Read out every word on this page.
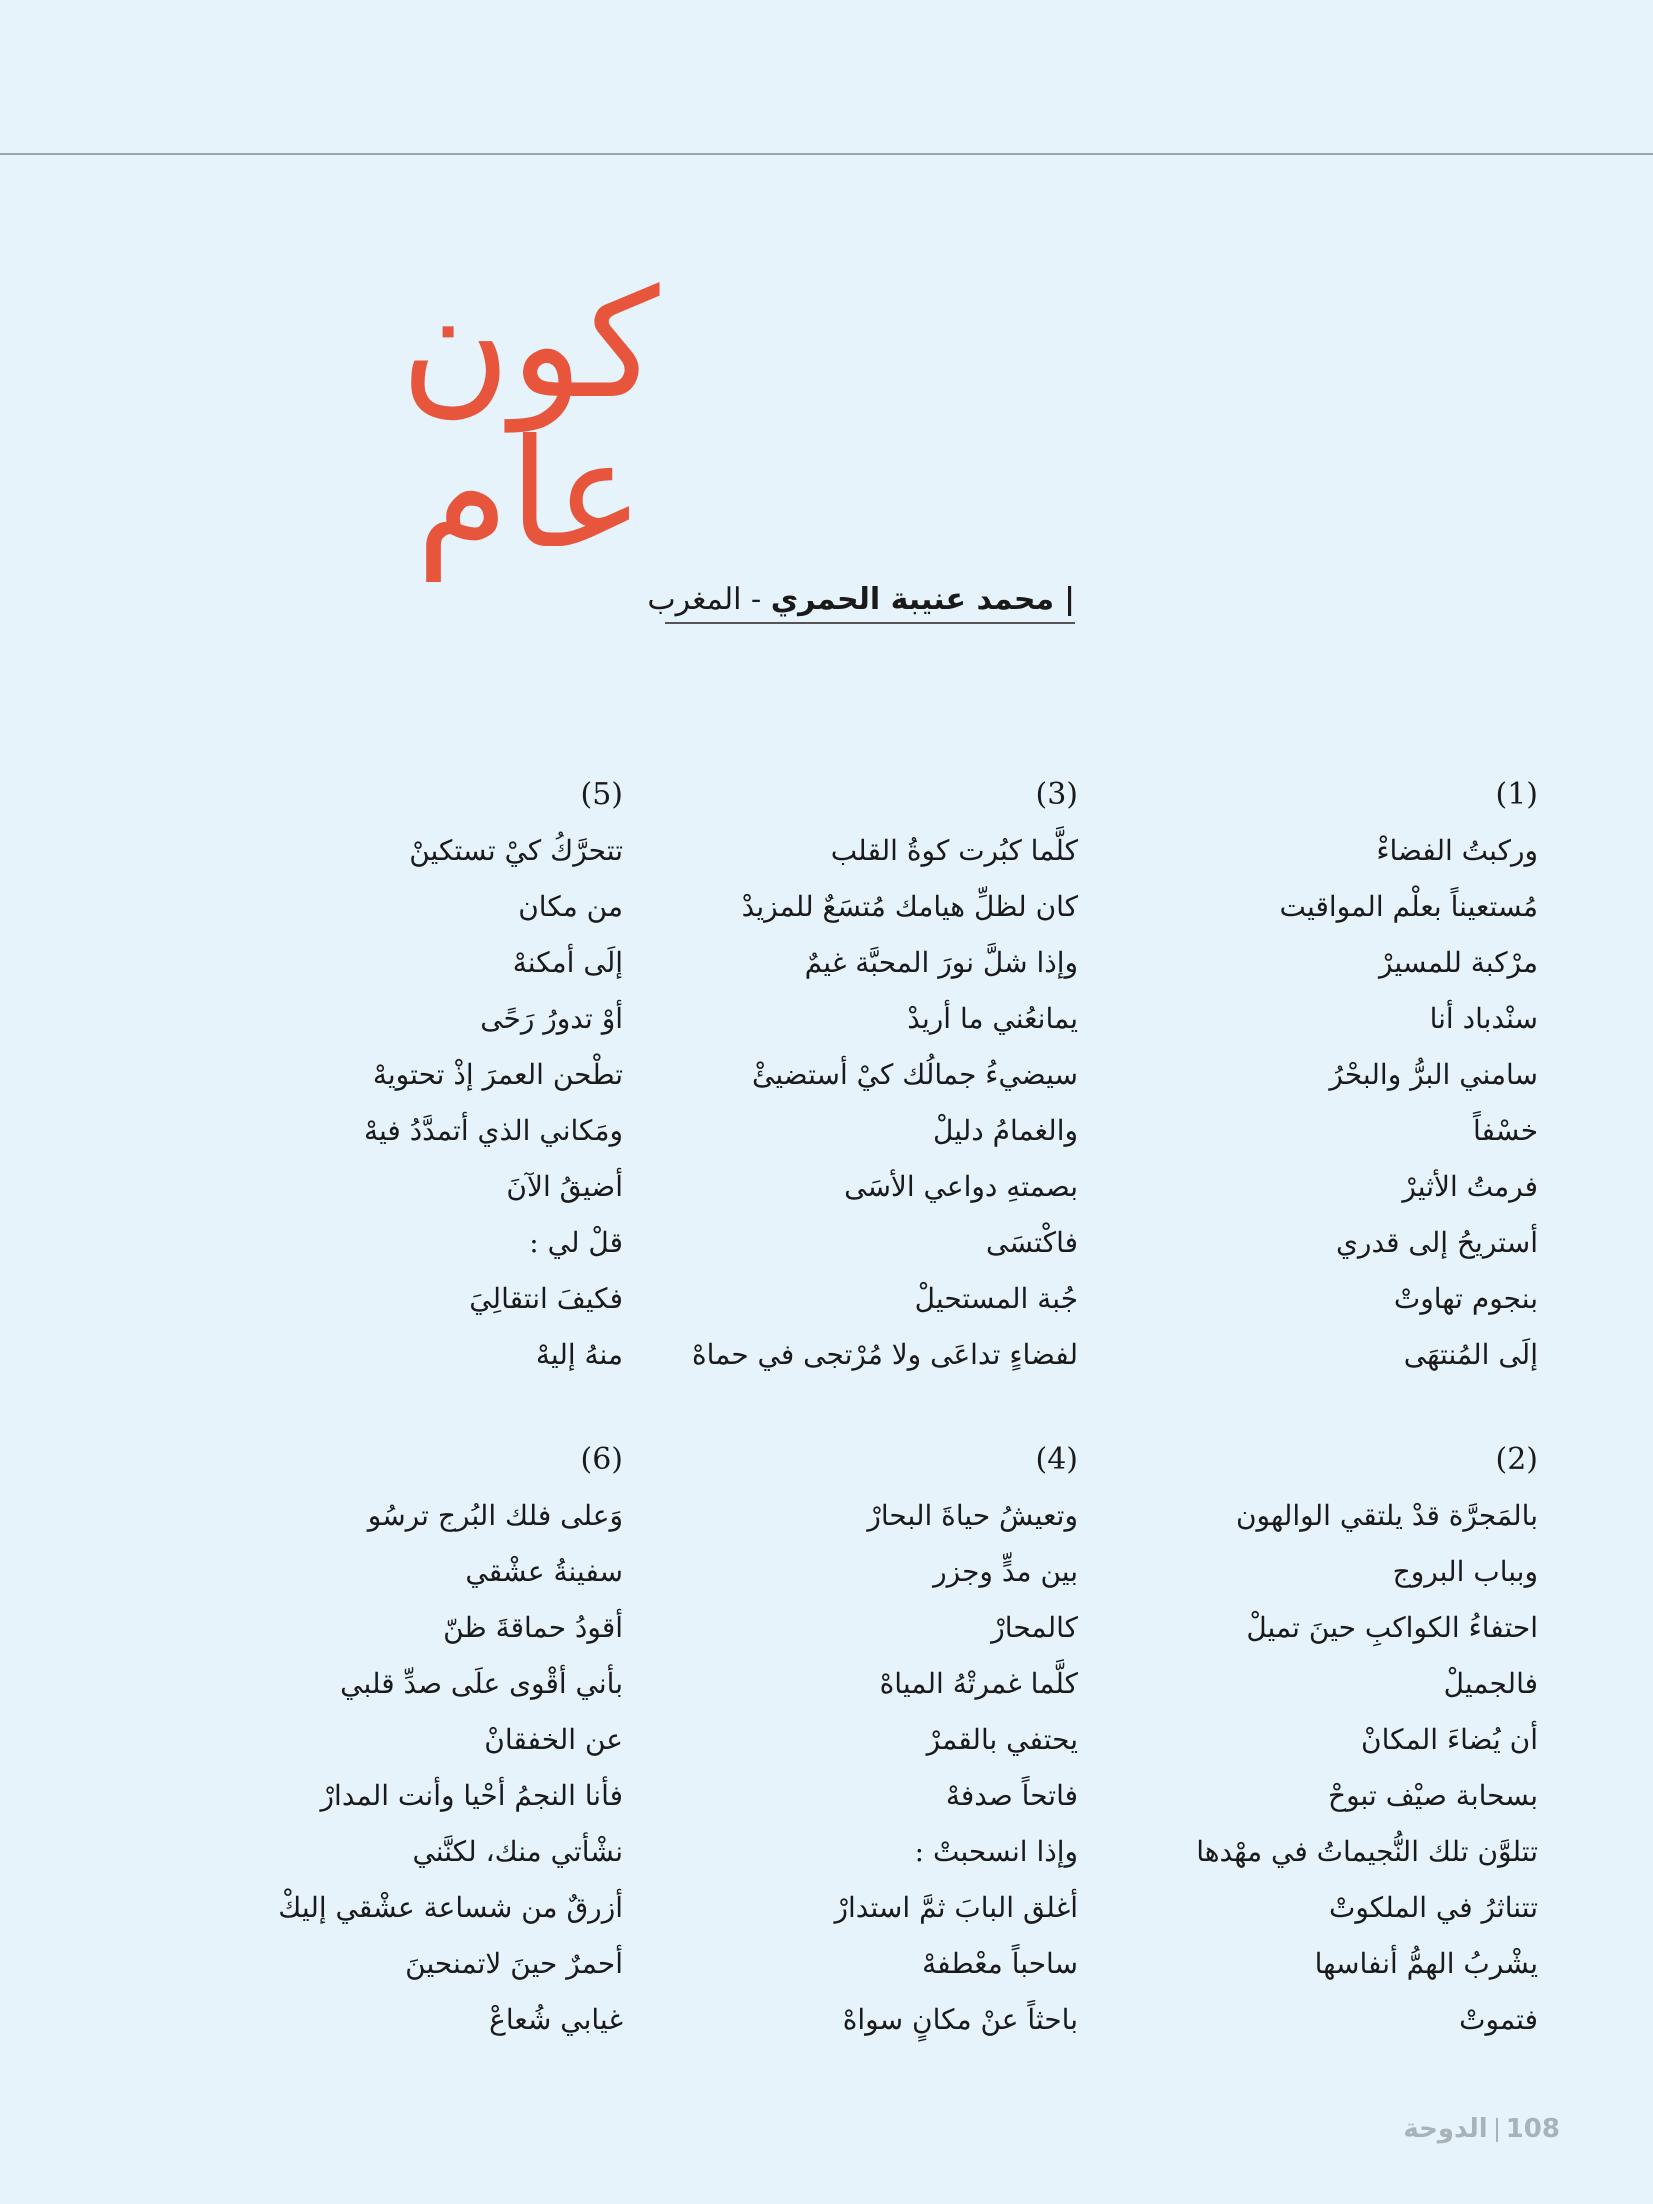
كون عام
|محمد عنيبة الحمري - المغرب
(1)
وركبتُ الفضاءْ
مُستعيناً بعلْم المواقيت
مرْكبة للمسيرْ
سنْدباد أنا
سامني البرُّ والبحْرُ
خسْفاً
فرمتُ الأثيرْ
أستريحُ إلى قدري
بنجوم تهاوتْ
إلَى المُنتهَى
(3)
كلَّما كبُرت كوةُ القلب
كان لظلِّ هيامك مُتسَعٌ للمزيدْ
وإذا شلَّ نورَ المحبَّة غيمٌ
يمانعُني ما أريدْ
سيضيءُ جمالُك كيْ أستضيئْ
والغمامُ دليلْ
بصمتهِ دواعي الأسَى
فاكْتسَى
جُبة المستحيلْ
لفضاءٍ تداعَى ولا مُرْتجى في حماهْ
(5)
تتحرَّكُ كيْ تستكينْ
من مكان
إلَى أمكنهْ
أوْ تدورُ رَحًى
تطْحن العمرَ إذْ تحتويهْ
ومَكاني الذي أتمدَّدُ فيهْ
أضيقُ الآنَ
قلْ لي :
فكيفَ انتقالِيَ
منهُ إليهْ
(2)
بالمَجرَّة قدْ يلتقي الوالهون
وبباب البروج
احتفاءُ الكواكبِ حينَ تميلْ
فالجميلْ
أن يُضاءَ المكانْ
بسحابة صيْف تبوحْ
تتلوَّن تلك النُّجيماتُ في مهْدها
تتناثرُ في الملكوتْ
يشْربُ الهمُّ أنفاسها
فتموتْ
(4)
وتعيشُ حياةَ البحارْ
بين مدٍّ وجزر
كالمحارْ
كلَّما غمرتْهُ المياهْ
يحتفي بالقمرْ
فاتحاً صدفهْ
وإذا انسحبتْ :
أغلق البابَ ثمَّ استدارْ
ساحباً معْطفهْ
باحثاً عنْ مكانٍ سواهْ
(6)
وَعلى فلك البُرج ترسُو
سفينةُ عشْقي
أقودُ حماقةَ ظنّ
بأني أقْوى علَى صدِّ قلبي
عن الخفقانْ
فأنا النجمُ أحْيا وأنت المدارْ
نشْأتي منك، لكنَّني
أزرقٌ من شساعة عشْقي إليكْ
أحمرٌ حينَ لاتمنحينَ
غيابي شُعاعْ
108الدوحة
